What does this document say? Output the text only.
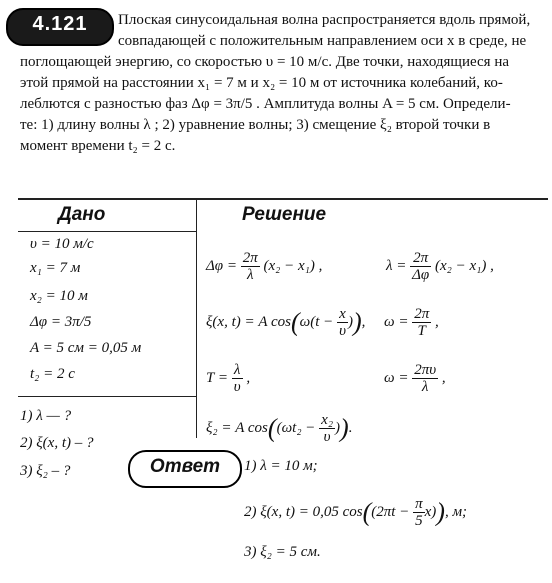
4.121	Плоская синусоидальная волна распространяется вдоль прямой,
совпадающей с положительным направлением оси x в среде, не
поглощающей энергию, со скоростью υ = 10 м/с. Две точки, находящиеся на
этой прямой на расстоянии x₁ = 7 м и x₂ = 10 м от источника колебаний, ко-
леблются с разностью фаз Δφ = 3π/5 . Амплитуда волны A = 5 см. Определи-
те: 1) длину волны λ ; 2) уравнение волны; 3) смещение ξ₂ второй точки в
момент времени t₂ = 2 с.
Дано
υ = 10 м/с
x₁ = 7 м
x₂ = 10 м
Δφ = 3π/5
A = 5 см = 0,05 м
t₂ = 2 с
1) λ — ?
2) ξ(x, t) – ?
3) ξ₂ – ?
Решение
$\Delta\varphi = \frac{2\pi}{\lambda} (x_2 - x_1)$ ,	$\lambda = \frac{2\pi}{\Delta\varphi} (x_2 - x_1)$ ,
ξ(x, t) = A $\cos(\omega(t - \frac{x}{\upsilon}$ )), $\omega = \frac{2\pi}{T}$ ,
$T = \frac{\lambda}{\upsilon}$ ,	$\omega = \frac{2\pi\upsilon}{\lambda}$ ,
ξ₂ = A $\cos((\omega t_2 - \frac{\text{x₂}}{\upsilon}$ )).
Ответ	1) λ = 10 м;
2) ξ(x, t) = 0,05 $\cos((2\pi t - \frac{\pi}{5} x))$, м;
3) ξ₂ = 5 см.
